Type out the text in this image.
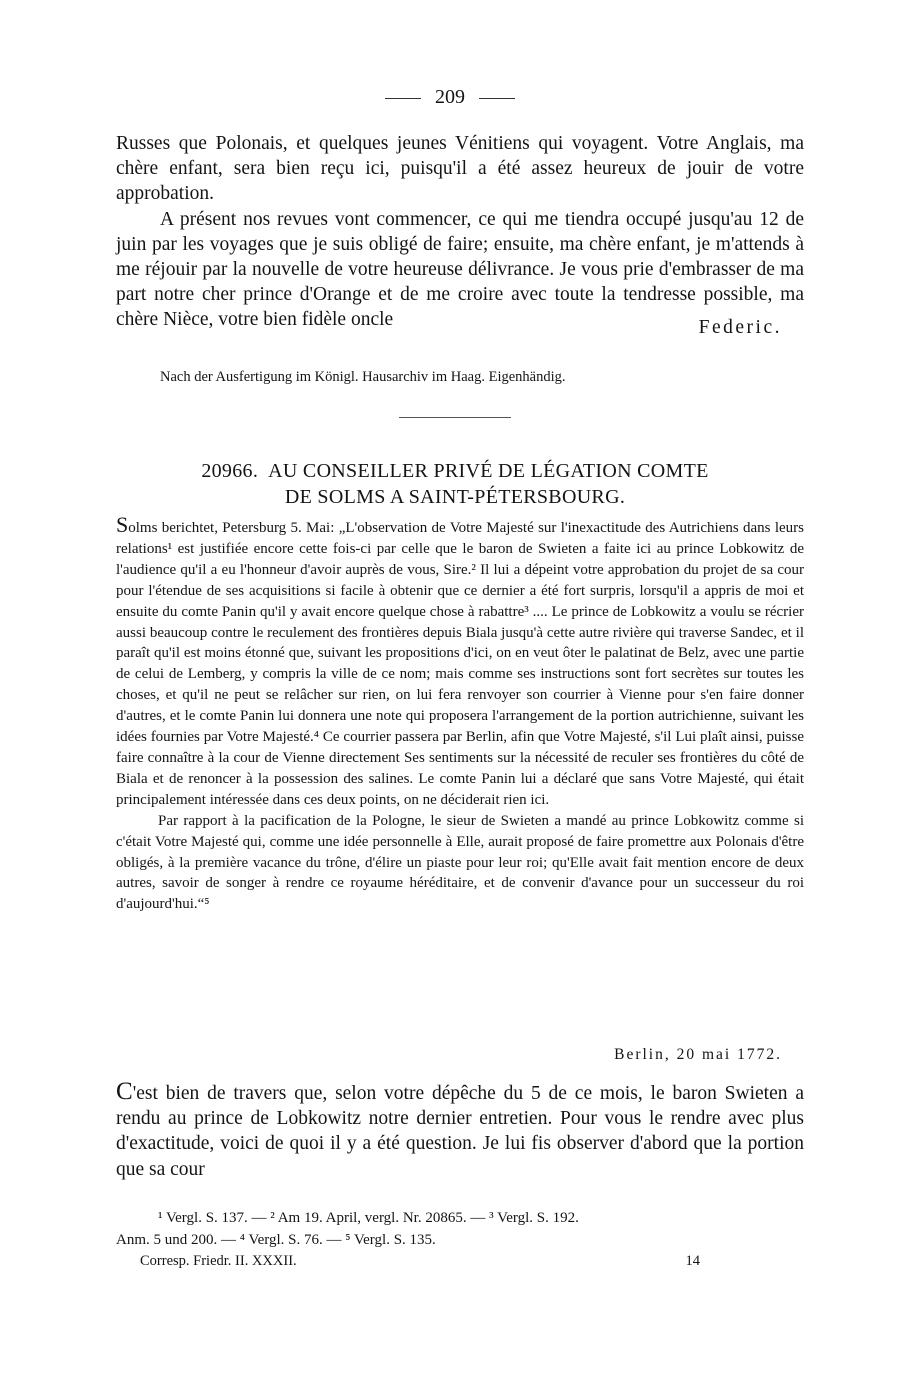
209

Russes que Polonais, et quelques jeunes Vénitiens qui voyagent. Votre Anglais, ma chère enfant, sera bien reçu ici, puisqu'il a été assez heureux de jouir de votre approbation.

A présent nos revues vont commencer, ce qui me tiendra occupé jusqu'au 12 de juin par les voyages que je suis obligé de faire; ensuite, ma chère enfant, je m'attends à me réjouir par la nouvelle de votre heureuse délivrance. Je vous prie d'embrasser de ma part notre cher prince d'Orange et de me croire avec toute la tendresse possible, ma

chère Nièce, votre bien fidèle oncle	Federic.
Nach der Ausfertigung im Königl. Hausarchiv im Haag. Eigenhändig.
20966. AU CONSEILLER PRIVÉ DE LÉGATION COMTE
DE SOLMS A SAINT-PÉTERSBOURG.

Solms berichtet, Petersburg 5. Mai: „L'observation de Votre Majesté sur l'inexactitude des Autrichiens dans leurs relations¹ est justifiée encore cette fois-ci par celle que le baron de Swieten a faite ici au prince Lobkowitz de l'audience qu'il a eu l'honneur d'avoir auprès de vous, Sire.² Il lui a dépeint votre approbation du projet de sa cour pour l'étendue de ses acquisitions si facile à obtenir que ce dernier a été fort surpris, lorsqu'il a appris de moi et ensuite du comte Panin qu'il y avait encore quelque chose à rabattre³ .... Le prince de Lobkowitz a voulu se récrier aussi beaucoup contre le reculement des frontières depuis Biala jusqu'à cette autre rivière qui traverse Sandec, et il paraît qu'il est moins étonné que, suivant les propositions d'ici, on en veut ôter le palatinat de Belz, avec une partie de celui de Lemberg, y compris la ville de ce nom; mais comme ses instructions sont fort secrètes sur toutes les choses, et qu'il ne peut se relâcher sur rien, on lui fera renvoyer son courrier à Vienne pour s'en faire donner d'autres, et le comte Panin lui donnera une note qui proposera l'arrangement de la portion autrichienne, suivant les idées fournies par Votre Majesté.⁴ Ce courrier passera par Berlin, afin que Votre Majesté, s'il Lui plaît ainsi, puisse faire connaître à la cour de Vienne directement Ses sentiments sur la nécessité de reculer ses frontières du côté de Biala et de renoncer à la possession des salines. Le comte Panin lui a déclaré que sans Votre Majesté, qui était principalement intéressée dans ces deux points, on ne déciderait rien ici.

Par rapport à la pacification de la Pologne, le sieur de Swieten a mandé au prince Lobkowitz comme si c'était Votre Majesté qui, comme une idée personnelle à Elle, aurait proposé de faire promettre aux Polonais d'être obligés, à la première vacance du trône, d'élire un piaste pour leur roi; qu'Elle avait fait mention encore de deux autres, savoir de songer à rendre ce royaume héréditaire, et de convenir d'avance pour un successeur du roi d'aujourd'hui.“⁵

Berlin, 20 mai 1772.

C'est bien de travers que, selon votre dépêche du 5 de ce mois, le baron Swieten a rendu au prince de Lobkowitz notre dernier entretien. Pour vous le rendre avec plus d'exactitude, voici de quoi il y a été question. Je lui fis observer d'abord que la portion que sa cour

¹ Vergl. S. 137. — ² Am 19. April, vergl. Nr. 20865. — ³ Vergl. S. 192.

Anm. 5 und 200. — ⁴ Vergl. S. 76. — ⁵ Vergl. S. 135.

Corresp. Friedr. II. XXXII.	14
